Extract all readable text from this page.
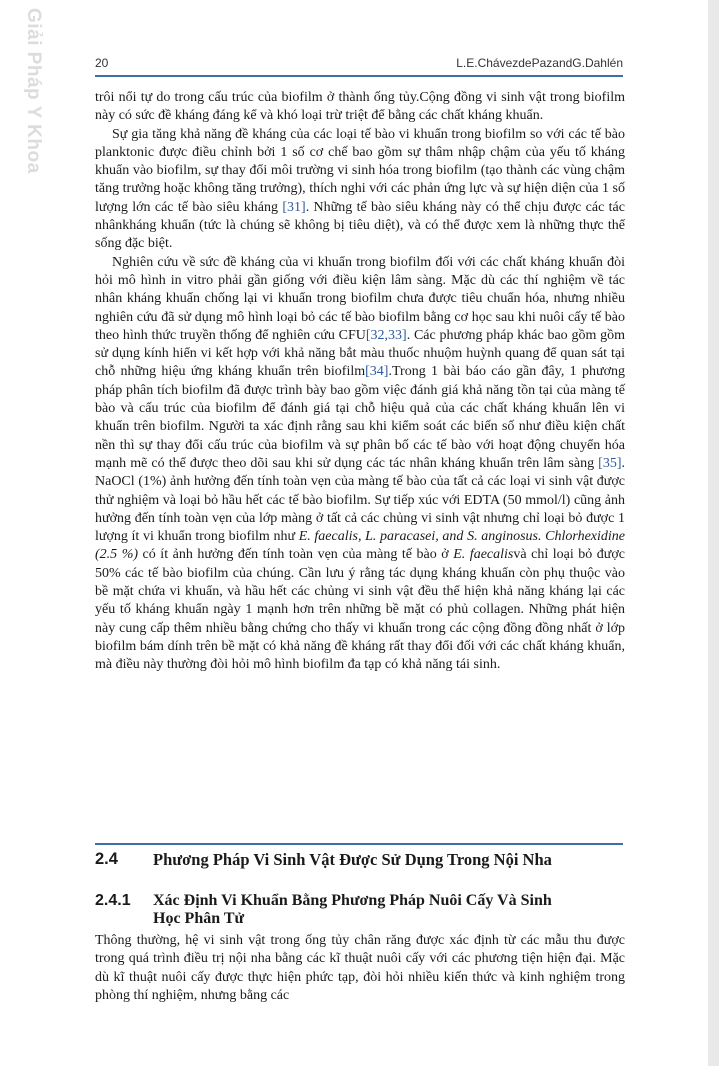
Giải Pháp Y Khoa	20	L.E.ChávezdePazandG.Dahlén

trôi nổi tự do trong cấu trúc của biofilm ở thành ống tủy.Cộng đồng vi sinh vật trong biofilm này có sức đề kháng đáng kể và khó loại trừ triệt để bằng các chất kháng khuẩn.

Sự gia tăng khả năng đề kháng của các loại tế bào vi khuẩn trong biofilm so với các tế bào planktonic được điều chỉnh bởi 1 số cơ chế bao gồm sự thâm nhập chậm của yếu tố kháng khuẩn vào biofilm, sự thay đổi môi trường vi sinh hóa trong biofilm (tạo thành các vùng chậm tăng trưởng hoặc không tăng trưởng), thích nghi với các phản ứng lực và sự hiện diện của 1 số lượng lớn các tế bào siêu kháng [31]. Những tế bào siêu kháng này có thể chịu được các tác nhânkháng khuẩn (tức là chúng sẽ không bị tiêu diệt), và có thể được xem là những thực thể sống đặc biệt.

Nghiên cứu về sức đề kháng của vi khuẩn trong biofilm đối với các chất kháng khuẩn đòi hỏi mô hình in vitro phải gần giống với điều kiện lâm sàng. Mặc dù các thí nghiệm về tác nhân kháng khuẩn chống lại vi khuẩn trong biofilm chưa được tiêu chuẩn hóa, nhưng nhiều nghiên cứu đã sử dụng mô hình loại bỏ các tế bào biofilm bằng cơ học sau khi nuôi cấy tế bào theo hình thức truyền thống để nghiên cứu CFU[32,33]. Các phương pháp khác bao gồm gồm sử dụng kính hiển vi kết hợp với khả năng bắt màu thuốc nhuộm huỳnh quang để quan sát tại chỗ những hiệu ứng kháng khuẩn trên biofilm[34].Trong 1 bài báo cáo gần đây, 1 phương pháp phân tích biofilm đã được trình bày bao gồm việc đánh giá khả năng tồn tại của màng tế bào và cấu trúc của biofilm để đánh giá tại chỗ hiệu quả của các chất kháng khuẩn lên vi khuẩn trên biofilm. Người ta xác định rằng sau khi kiểm soát các biến số như điều kiện chất nền thì sự thay đổi cấu trúc của biofilm và sự phân bố các tế bào với hoạt động chuyển hóa mạnh mẽ có thể được theo dõi sau khi sử dụng các tác nhân kháng khuẩn trên lâm sàng [35]. NaOCl (1%) ảnh hưởng đến tính toàn vẹn của màng tế bào của tất cả các loại vi sinh vật được thử nghiệm và loại bỏ hầu hết các tế bào biofilm. Sự tiếp xúc với EDTA (50 mmol/l) cũng ảnh hưởng đến tính toàn vẹn của lớp màng ở tất cả các chủng vi sinh vật nhưng chỉ loại bỏ được 1 lượng ít vi khuẩn trong biofilm như E. faecalis, L. paracasei, and S. anginosus. Chlorhexidine (2.5 %) có ít ảnh hưởng đến tính toàn vẹn của màng tế bào ở E. faecalisvà chỉ loại bỏ được 50% các tế bào biofilm của chúng. Cần lưu ý rằng tác dụng kháng khuẩn còn phụ thuộc vào bề mặt chứa vi khuẩn, và hầu hết các chủng vi sinh vật đều thể hiện khả năng kháng lại các yếu tố kháng khuẩn ngày 1 mạnh hơn trên những bề mặt có phủ collagen. Những phát hiện này cung cấp thêm nhiều bằng chứng cho thấy vi khuẩn trong các cộng đồng đồng nhất ở lớp biofilm bám dính trên bề mặt có khả năng đề kháng rất thay đổi đối với các chất kháng khuẩn, mà điều này thường đòi hỏi mô hình biofilm đa tạp có khả năng tái sinh.

2.4 Phương Pháp Vi Sinh Vật Được Sử Dụng Trong Nội Nha
2.4.1 Xác Định Vi Khuẩn Bằng Phương Pháp Nuôi Cấy Và Sinh Học Phân Tử

Thông thường, hệ vi sinh vật trong ống tủy chân răng được xác định từ các mẫu thu được trong quá trình điều trị nội nha bằng các kĩ thuật nuôi cấy với các phương tiện hiện đại. Mặc dù kĩ thuật nuôi cấy được thực hiện phức tạp, đòi hỏi nhiều kiến thức và kinh nghiệm trong phòng thí nghiệm, nhưng bằng các
